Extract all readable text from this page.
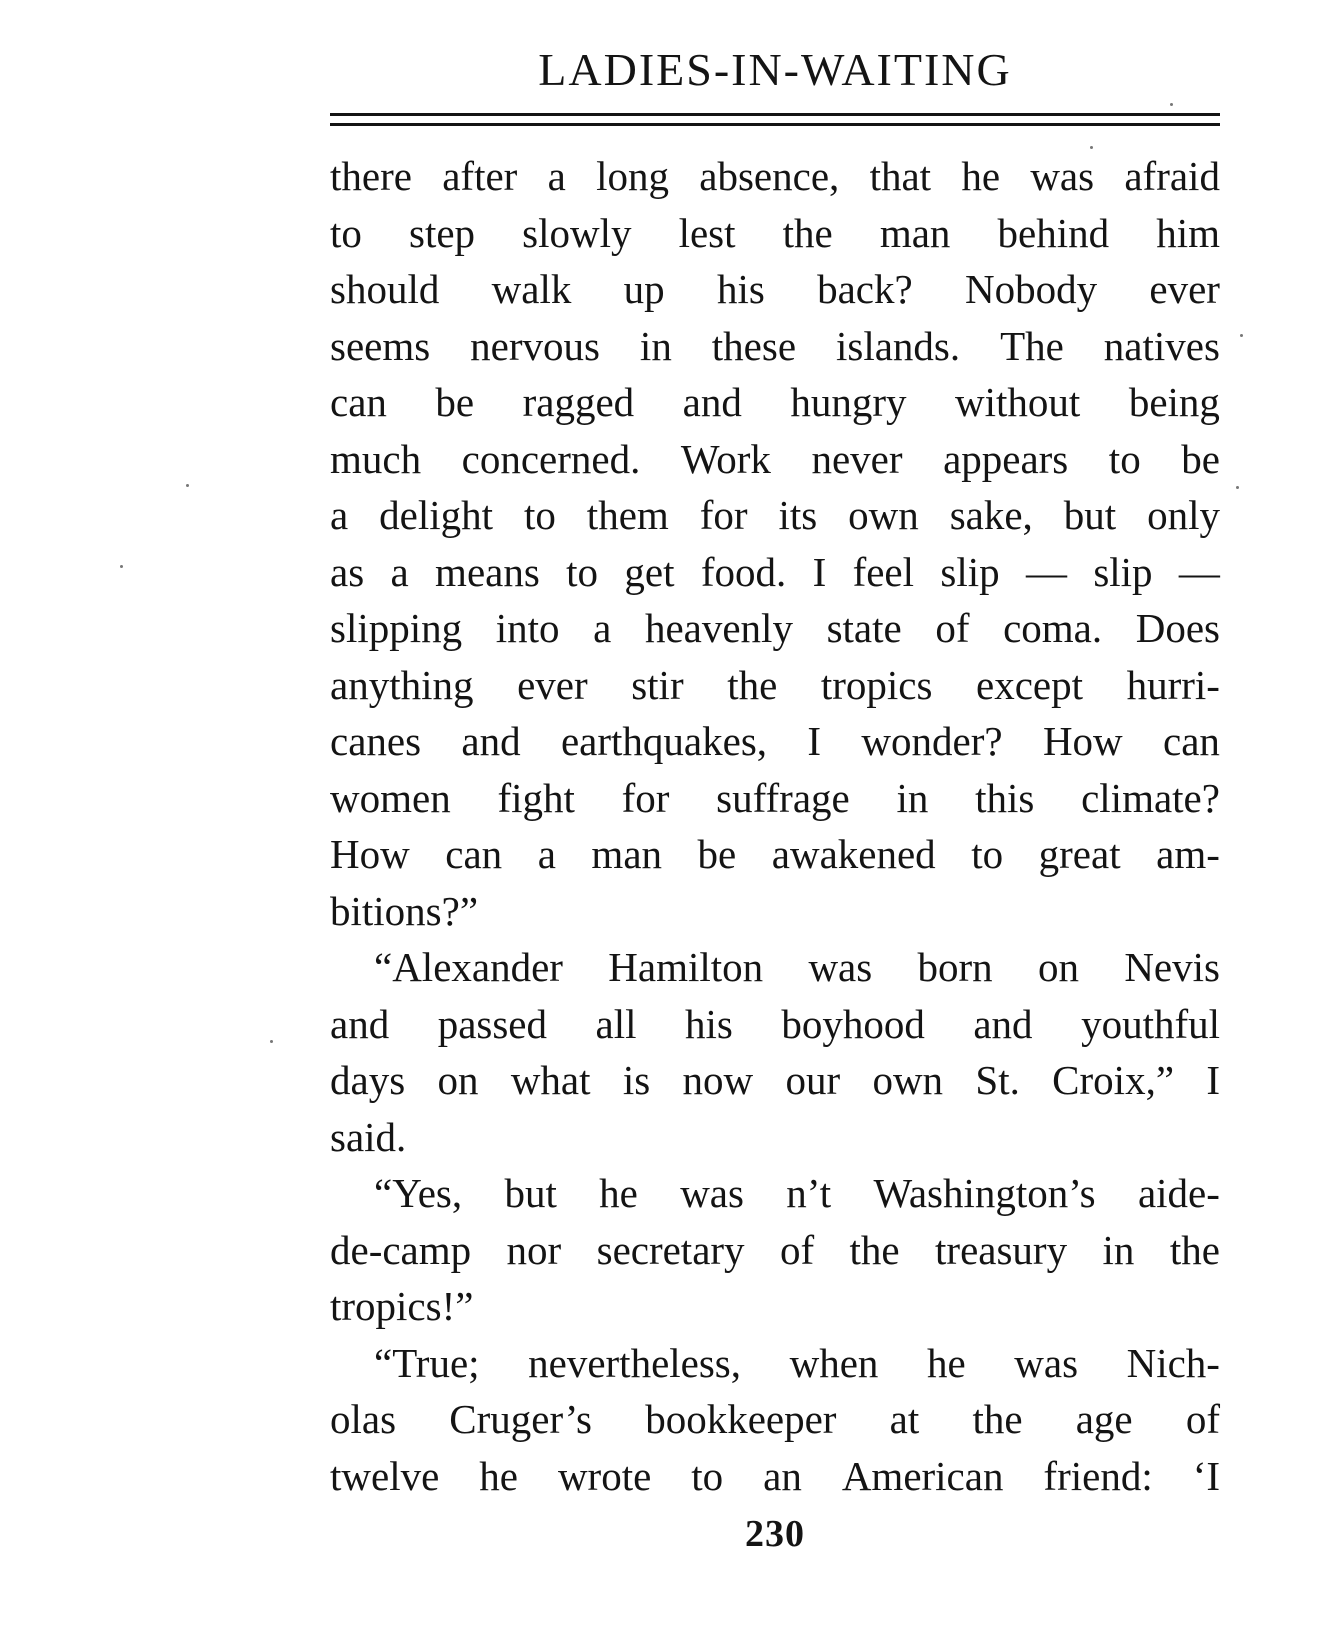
LADIES-IN-WAITING
there after a long absence, that he was afraid
to step slowly lest the man behind him
should walk up his back? Nobody ever
seems nervous in these islands. The natives
can be ragged and hungry without being
much concerned. Work never appears to be
a delight to them for its own sake, but only
as a means to get food. I feel slip — slip —
slipping into a heavenly state of coma. Does
anything ever stir the tropics except hurri-
canes and earthquakes, I wonder? How can
women fight for suffrage in this climate?
How can a man be awakened to great am-
bitions?”
“Alexander Hamilton was born on Nevis
and passed all his boyhood and youthful
days on what is now our own St. Croix,” I
said.
“Yes, but he was n’t Washington’s aide-
de-camp nor secretary of the treasury in the
tropics!”
“True; nevertheless, when he was Nich-
olas Cruger’s bookkeeper at the age of
twelve he wrote to an American friend: ‘I
230
